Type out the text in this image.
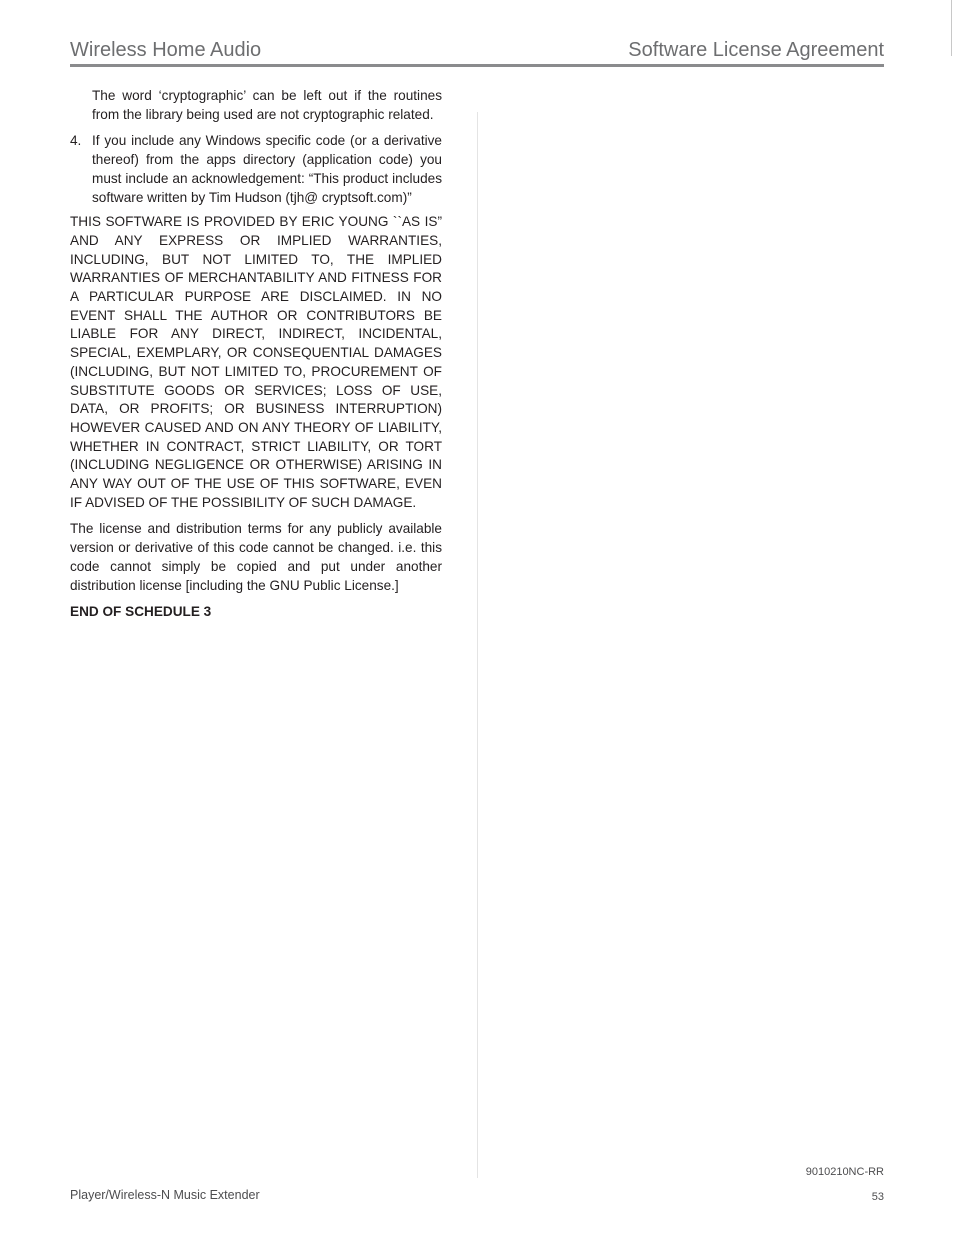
Wireless Home Audio	Software License Agreement

The word ‘cryptographic’ can be left out if the routines from the library being used are not cryptographic related.

4. If you include any Windows specific code (or a derivative thereof) from the apps directory (application code) you must include an acknowledgement: “This product includes software written by Tim Hudson (tjh@ cryptsoft.com)”

THIS SOFTWARE IS PROVIDED BY ERIC YOUNG ``AS IS” AND ANY EXPRESS OR IMPLIED WARRANTIES, INCLUDING, BUT NOT LIMITED TO, THE IMPLIED WARRANTIES OF MERCHANTABILITY AND FITNESS FOR A PARTICULAR PURPOSE ARE DISCLAIMED. IN NO EVENT SHALL THE AUTHOR OR CONTRIBUTORS BE LIABLE FOR ANY DIRECT, INDIRECT, INCIDENTAL, SPECIAL, EXEMPLARY, OR CONSEQUENTIAL DAMAGES (INCLUDING, BUT NOT LIMITED TO, PROCUREMENT OF SUBSTITUTE GOODS OR SERVICES; LOSS OF USE, DATA, OR PROFITS; OR BUSINESS INTERRUPTION) HOWEVER CAUSED AND ON ANY THEORY OF LIABILITY, WHETHER IN CONTRACT, STRICT LIABILITY, OR TORT (INCLUDING NEGLIGENCE OR OTHERWISE) ARISING IN ANY WAY OUT OF THE USE OF THIS SOFTWARE, EVEN IF ADVISED OF THE POSSIBILITY OF SUCH DAMAGE.

The license and distribution terms for any publicly available version or derivative of this code cannot be changed. i.e. this code cannot simply be copied and put under another distribution license [including the GNU Public License.]

END OF SCHEDULE 3
Player/Wireless-N Music Extender
9010210NC-RR
53
